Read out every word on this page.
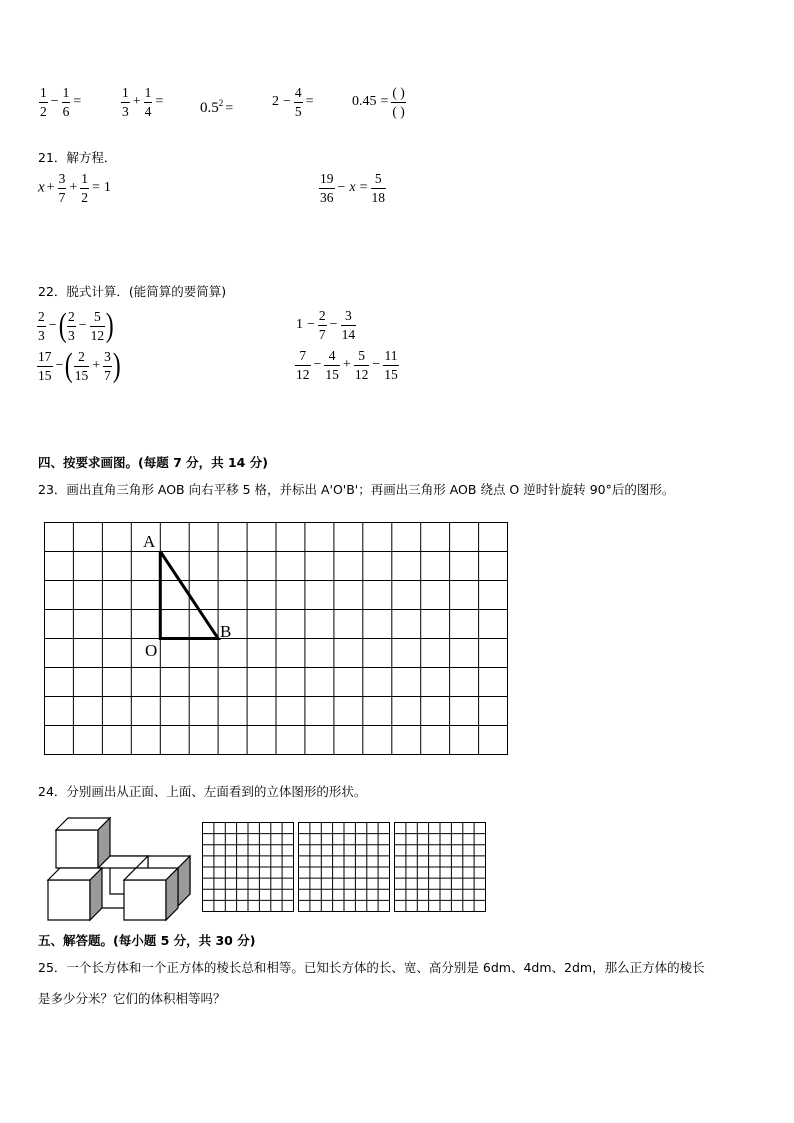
$\frac{1}{2} - \frac{1}{6}$ =	$\frac{1}{3} + \frac{1}{4} = 0.5^2$ =	$2 - \frac{4}{5}$ =	$0.45 = \frac{( )}{( )}$
21．解方程．
$x + \frac{3}{7} + \frac{1}{2} = 1$	$\frac{19}{36} - x = \frac{5}{18}$
22．脱式计算．(能简算的要简算)
$\frac{2}{3}$ −( $\frac{2}{3} - \frac{5}{12}$ )	$1 - \frac{2}{7} - \frac{3}{14}$
$\frac{17}{15}$ −( $\frac{2}{15} + \frac{3}{7}$ )	$\frac{7}{12} - \frac{4}{15} + \frac{5}{12} - \frac{11}{15}$
四、按要求画图。(每题 7 分，共 14 分)
23．画出直角三角形 AOB 向右平移 5 格，并标出 A'O'B'；再画出三角形 AOB 绕点 O 逆时针旋转 90°后的图形。
A
B
O
24．分别画出从正面、上面、左面看到的立体图形的形状。
五、解答题。(每小题 5 分，共 30 分)
25．一个长方体和一个正方体的棱长总和相等。已知长方体的长、宽、高分别是 6dm、4dm、2dm，那么正方体的棱长
是多少分米？它们的体积相等吗？
